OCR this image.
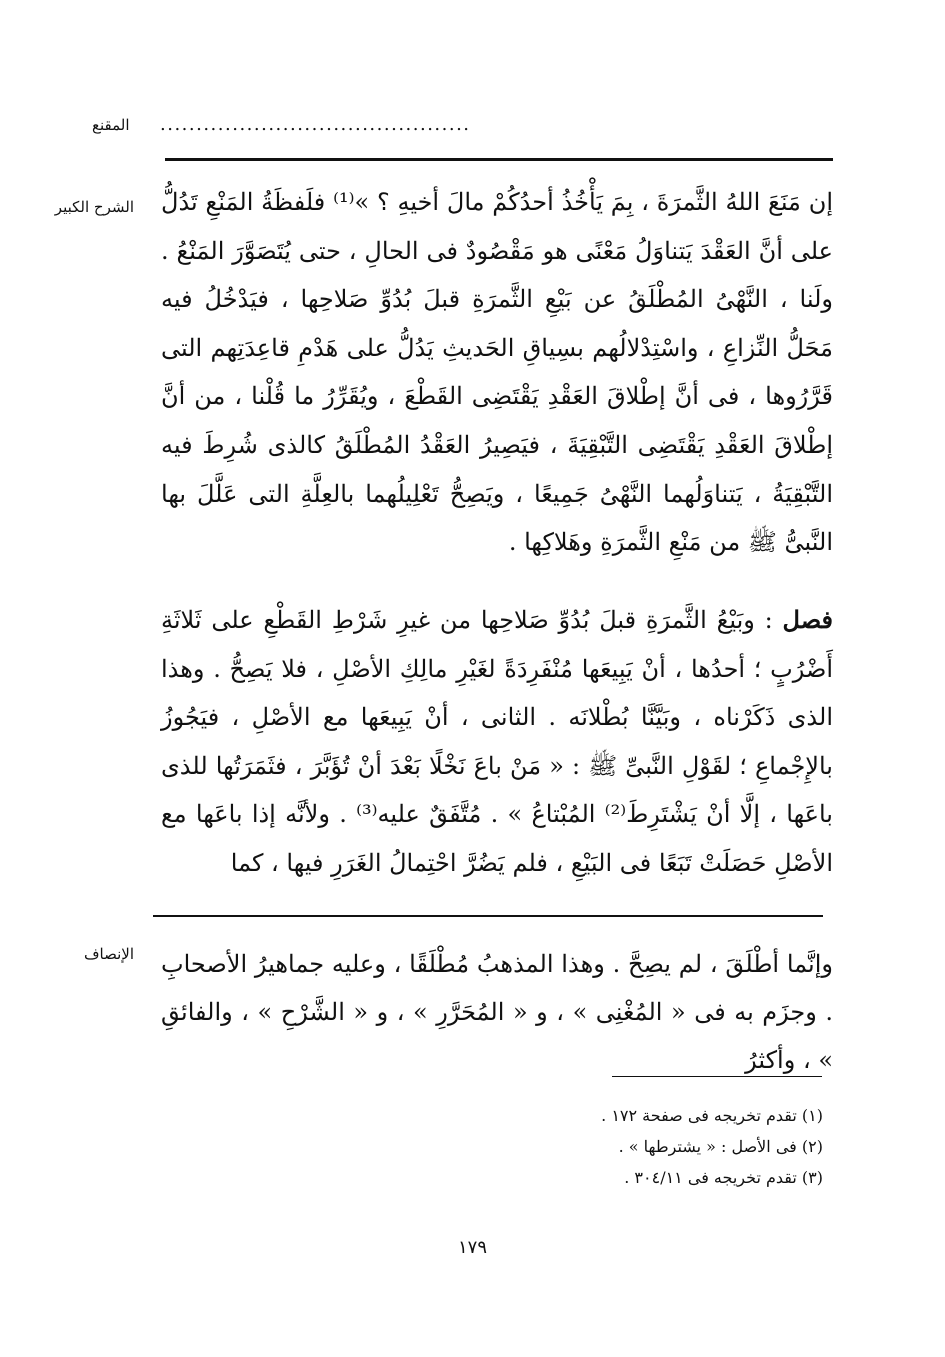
المقنع ...........................................
الشرح الكبير إن مَنَعَ اللهُ الثَّمرَةَ ، بِمَ يَأْخُذُ أحدُكُمْ مالَ أخيهِ ؟ »⁽¹⁾ فلَفظَةُ المَنْعِ تَدُلُّ على أنَّ العَقْدَ يَتناوَلُ مَعْنًى هو مَقْصُودٌ فى الحالِ ، حتى يُتَصَوَّرَ المَنْعُ . ولَنا ، النَّهْىُ المُطْلَقُ عن بَيْعِ الثَّمرَةِ قبلَ بُدُوِّ صَلاحِها ، فيَدْخُلُ فيه مَحَلُّ النِّزاعِ ، واسْتِدْلالُهم بسِياقِ الحَديثِ يَدُلُّ على هَدْمِ قاعِدَتِهم التى قَرَّرُوها ، فى أنَّ إطْلاقَ العَقْدِ يَقْتَضِى القَطْعَ ، ويُقَرِّرُ ما قُلْنا ، من أنَّ إطْلاقَ العَقْدِ يَقْتَضِى التَّبْقِيَةَ ، فيَصِيرُ العَقْدُ المُطْلَقُ كالذى شُرِطَ فيه التَّبْقِيَةُ ، يَتناوَلُهما النَّهْىُ جَمِيعًا ، ويَصِحُّ تَعْلِيلُهما بالعِلَّةِ التى عَلَّلَ بها النَّبىُّ ﷺ من مَنْعِ الثَّمرَةِ وهَلاكِها .
فصل : وبَيْعُ الثَّمرَةِ قبلَ بُدُوِّ صَلاحِها من غيرِ شَرْطِ القَطْعِ على ثَلاثَةِ أَضْرُبٍ ؛ أحدُها ، أنْ يَبِيعَها مُنْفَرِدَةً لغَيْرِ مالِكِ الأصْلِ ، فلا يَصِحُّ . وهذا الذى ذَكَرْناه ، وبَيَّنَّا بُطْلانَه . الثانى ، أنْ يَبِيعَها مع الأصْلِ ، فيَجُوزُ بالإِجْماعِ ؛ لقَوْلِ النَّبىِّ ﷺ : « مَنْ باعَ نَخْلًا بَعْدَ أنْ تُؤَبَّرَ ، فثَمَرَتُها للذى باعَها ، إلَّا أنْ يَشْتَرِطَ⁽²⁾ المُبْتاعُ » . مُتَّفَقٌ عليه⁽³⁾ . ولأنَّه إذا باعَها مع الأصْلِ حَصَلَتْ تَبَعًا فى البَيْعِ ، فلم يَضُرَّ احْتِمالُ الغَرَرِ فيها ، كما
الإنصاف وإنَّما أطْلَقَ ، لم يصِحَّ . وهذا المذهبُ مُطْلَقًا ، وعليه جماهيرُ الأصحابِ . وجزَم به فى « المُغْنِى » ، و « المُحَرَّرِ » ، و « الشَّرْحِ » ، والفائقِ » ، وأكثرُ
(١) تقدم تخريجه فى صفحة ١٧٢ .
(٢) فى الأصل : « يشترطها » .
(٣) تقدم تخريجه فى ٣٠٤/١١ .
١٧٩
